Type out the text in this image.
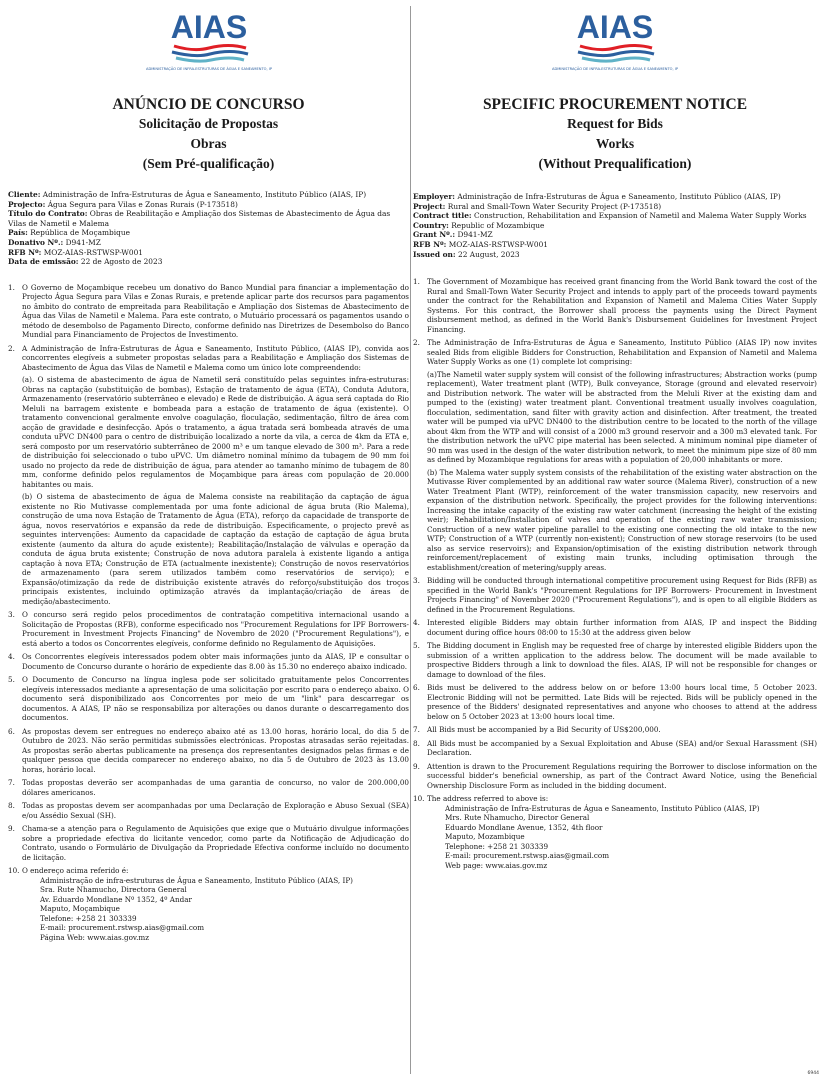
AIAS
ADMINISTRAÇÃO DE INFRA-ESTRUTURAS DE ÁGUA E SANEAMENTO, IP

ANÚNCIO DE CONCURSO

Solicitação de Propostas

Obras

(Sem Pré-qualificação)

Cliente: Administração de Infra-Estruturas de Água e Saneamento, Instituto Público (AIAS, IP)
Projecto: Água Segura para Vilas e Zonas Rurais (P-173518)
Título do Contrato: Obras de Reabilitação e Ampliação dos Sistemas de Abastecimento de Água das Vilas de Nametil e Malema
País: República de Moçambique
Donativo Nº.: D941-MZ
RFB Nº: MOZ-AIAS-RSTWSP-W001
Data de emissão: 22 de Agosto de 2023
1. O Governo de Moçambique recebeu um donativo do Banco Mundial para financiar a implementação do Projecto Água Segura para Vilas e Zonas Rurais, e pretende aplicar parte dos recursos para pagamentos no âmbito do contrato de empreitada para Reabilitação e Ampliação dos Sistemas de Abastecimento de Água das Vilas de Nametil e Malema. Para este contrato, o Mutuário processará os pagamentos usando o método de desembolso de Pagamento Directo, conforme definido nas Diretrizes de Desembolso do Banco Mundial para Financiamento de Projectos de Investimento.
2. A Administração de Infra-Estruturas de Água e Saneamento, Instituto Público, (AIAS IP), convida aos concorrentes elegíveis a submeter propostas seladas para a Reabilitação e Ampliação dos Sistemas de Abastecimento de Água das Vilas de Nametil e Malema como um único lote compreendendo:
(a). O sistema de abastecimento de água de Nametil será constituído pelas seguintes infra-estruturas: Obras na captação (substituição de bombas), Estação de tratamento de água (ETA), Conduta Adutora, Armazenamento (reservatório subterrâneo e elevado) e Rede de distribuição. A água será captada do Rio Meluli na barragem existente e bombeada para a estação de tratamento de água (existente). O tratamento convencional geralmente envolve coagulação, floculação, sedimentação, filtro de área com acção de gravidade e desinfecção. Após o tratamento, a água tratada será bombeada através de uma conduta uPVC DN400 para o centro de distribuição localizado a norte da vila, a cerca de 4km da ETA e, será composto por um reservatório subterrâneo de 2000 m³ e um tanque elevado de 300 m³. Para a rede de distribuição foi seleccionado o tubo uPVC. Um diâmetro nominal mínimo da tubagem de 90 mm foi usado no projecto da rede de distribuição de água, para atender ao tamanho mínimo de tubagem de 80 mm, conforme definido pelos regulamentos de Moçambique para áreas com população de 20.000 habitantes ou mais.
(b) O sistema de abastecimento de água de Malema consiste na reabilitação da captação de água existente no Rio Mutivasse complementada por uma fonte adicional de água bruta (Rio Malema), construção de uma nova Estação de Tratamento de Água (ETA), reforço da capacidade de transporte de água, novos reservatórios e expansão da rede de distribuição. Especificamente, o projecto prevê as seguintes intervenções: Aumento da capacidade de captação da estação de captação de água bruta existente (aumento da altura do açude existente); Reabilitação/Instalação de válvulas e operação da conduta de água bruta existente; Construção de nova adutora paralela à existente ligando a antiga captação à nova ETA; Construção de ETA (actualmente inexistente); Construção de novos reservatórios de armazenamento (para serem utilizados também como reservatórios de serviço); e Expansão/otimização da rede de distribuição existente através do reforço/substituição dos troços principais existentes, incluindo optimização através da implantação/criação de áreas de medição/abastecimento.
3. O concurso será regido pelos procedimentos de contratação competitiva internacional usando a Solicitação de Propostas (RFB), conforme especificado nos "Procurement Regulations for IPF Borrowers- Procurement in Investment Projects Financing" de Novembro de 2020 ("Procurement Regulations"), e está aberto a todos os Concorrentes elegíveis, conforme definido no Regulamento de Aquisições.
4. Os Concorrentes elegíveis interessados podem obter mais informações junto da AIAS, IP e consultar o Documento de Concurso durante o horário de expediente das 8.00 às 15.30 no endereço abaixo indicado.
5. O Documento de Concurso na língua inglesa pode ser solicitado gratuitamente pelos Concorrentes elegíveis interessados mediante a apresentação de uma solicitação por escrito para o endereço abaixo. O documento será disponibilizado aos Concorrentes por meio de um "link" para descarregar os documentos. A AIAS, IP não se responsabiliza por alterações ou danos durante o descarregamento dos documentos.
6. As propostas devem ser entregues no endereço abaixo até as 13.00 horas, horário local, do dia 5 de Outubro de 2023. Não serão permitidas submissões electrónicas. Propostas atrasadas serão rejeitadas. As propostas serão abertas publicamente na presença dos representantes designados pelas firmas e de qualquer pessoa que decida comparecer no endereço abaixo, no dia 5 de Outubro de 2023 às 13.00 horas, horário local.
7. Todas propostas deverão ser acompanhadas de uma garantia de concurso, no valor de 200.000,00 dólares americanos.
8. Todas as propostas devem ser acompanhadas por uma Declaração de Exploração e Abuso Sexual (SEA) e/ou Assédio Sexual (SH).
9. Chama-se a atenção para o Regulamento de Aquisições que exige que o Mutuário divulgue informações sobre a propriedade efectiva do licitante vencedor, como parte da Notificação de Adjudicação do Contrato, usando o Formulário de Divulgação da Propriedade Efectiva conforme incluído no documento de licitação.
10. O endereço acima referido é:
Administração de infra-estruturas de Água e Saneamento, Instituto Público (AIAS, IP)
Sra. Rute Nhamucho, Directora General
Av. Eduardo Mondlane Nº 1352, 4º Andar
Maputo, Moçambique
Telefone: +258 21 303339
E-mail: procurement.rstwsp.aias@gmail.com
Página Web: www.aias.gov.mz
AIAS
ADMINISTRAÇÃO DE INFRA-ESTRUTURAS DE ÁGUA E SANEAMENTO, IP

SPECIFIC PROCUREMENT NOTICE

Request for Bids

Works

(Without Prequalification)

Employer: Administração de Infra-Estruturas de Água e Saneamento, Instituto Público (AIAS, IP)
Project: Rural and Small-Town Water Security Project (P-173518)
Contract title: Construction, Rehabilitation and Expansion of Nametil and Malema Water Supply Works
Country: Republic of Mozambique
Grant Nº.: D941-MZ
RFB Nº: MOZ-AIAS-RSTWSP-W001
Issued on: 22 August, 2023
1. The Government of Mozambique has received grant financing from the World Bank toward the cost of the Rural and Small-Town Water Security Project and intends to apply part of the proceeds toward payments under the contract for the Rehabilitation and Expansion of Nametil and Malema Cities Water Supply Systems. For this contract, the Borrower shall process the payments using the Direct Payment disbursement method, as defined in the World Bank's Disbursement Guidelines for Investment Project Financing.
2. The Administração de Infra-Estruturas de Água e Saneamento, Instituto Público (AIAS IP) now invites sealed Bids from eligible Bidders for Construction, Rehabilitation and Expansion of Nametil and Malema Water Supply Works as one (1) complete lot comprising:
(a)The Nametil water supply system will consist of the following infrastructures; Abstraction works (pump replacement), Water treatment plant (WTP), Bulk conveyance, Storage (ground and elevated reservoir) and Distribution network. The water will be abstracted from the Meluli River at the existing dam and pumped to the (existing) water treatment plant. Conventional treatment usually involves coagulation, flocculation, sedimentation, sand filter with gravity action and disinfection. After treatment, the treated water will be pumped via uPVC DN400 to the distribution centre to be located to the north of the village about 4km from the WTP and will consist of a 2000 m3 ground reservoir and a 300 m3 elevated tank. For the distribution network the uPVC pipe material has been selected. A minimum nominal pipe diameter of 90 mm was used in the design of the water distribution network, to meet the minimum pipe size of 80 mm as defined by Mozambique regulations for areas with a population of 20,000 inhabitants or more.
(b) The Malema water supply system consists of the rehabilitation of the existing water abstraction on the Mutivasse River complemented by an additional raw water source (Malema River), construction of a new Water Treatment Plant (WTP), reinforcement of the water transmission capacity, new reservoirs and expansion of the distribution network. Specifically, the project provides for the following interventions: Increasing the intake capacity of the existing raw water catchment (increasing the height of the existing weir); Rehabilitation/Installation of valves and operation of the existing raw water transmission; Construction of a new water pipeline parallel to the existing one connecting the old intake to the new WTP; Construction of a WTP (currently non-existent); Construction of new storage reservoirs (to be used also as service reservoirs); and Expansion/optimisation of the existing distribution network through reinforcement/replacement of existing main trunks, including optimisation through the establishment/creation of metering/supply areas.
3. Bidding will be conducted through international competitive procurement using Request for Bids (RFB) as specified in the World Bank's "Procurement Regulations for IPF Borrowers- Procurement in Investment Projects Financing" of November 2020 ("Procurement Regulations"), and is open to all eligible Bidders as defined in the Procurement Regulations.
4. Interested eligible Bidders may obtain further information from AIAS, IP and inspect the Bidding document during office hours 08:00 to 15:30 at the address given below
5. The Bidding document in English may be requested free of charge by interested eligible Bidders upon the submission of a written application to the address below. The document will be made available to prospective Bidders through a link to download the files. AIAS, IP will not be responsible for changes or damage to download of the files.
6. Bids must be delivered to the address below on or before 13:00 hours local time, 5 October 2023. Electronic Bidding will not be permitted. Late Bids will be rejected. Bids will be publicly opened in the presence of the Bidders' designated representatives and anyone who chooses to attend at the address below on 5 October 2023 at 13:00 hours local time.
7. All Bids must be accompanied by a Bid Security of US$200,000.
8. All Bids must be accompanied by a Sexual Exploitation and Abuse (SEA) and/or Sexual Harassment (SH) Declaration.
9. Attention is drawn to the Procurement Regulations requiring the Borrower to disclose information on the successful bidder's beneficial ownership, as part of the Contract Award Notice, using the Beneficial Ownership Disclosure Form as included in the bidding document.
10. The address referred to above is:
Administração de Infra-Estruturas de Água e Saneamento, Instituto Público (AIAS, IP)
Mrs. Rute Nhamucho, Director General
Eduardo Mondlane Avenue, 1352, 4th floor
Maputo, Mozambique
Telephone: +258 21 303339
E-mail: procurement.rstwsp.aias@gmail.com
Web page: www.aias.gov.mz
6944
